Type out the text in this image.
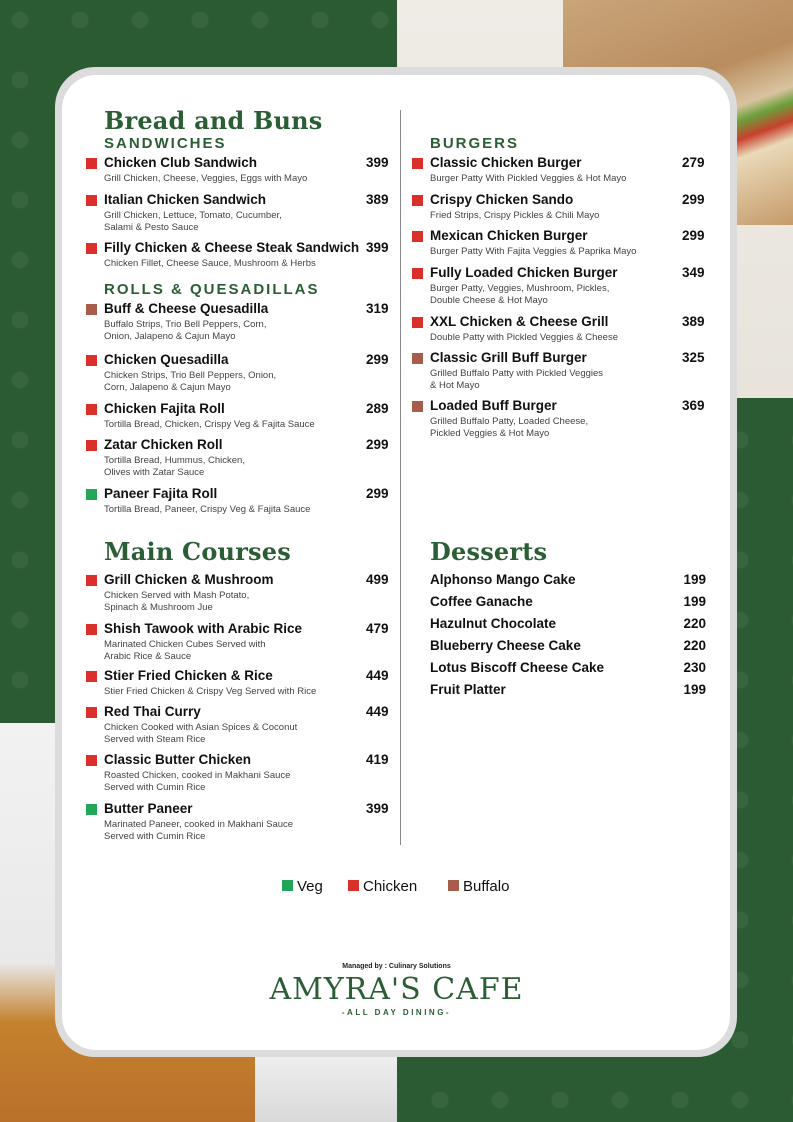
Bread and Buns
SANDWICHES
ROLLS & QUESADILLAS
BURGERS
Main Courses	Desserts
Chicken Club Sandwich	399
Grill Chicken, Cheese, Veggies, Eggs with Mayo
Italian Chicken Sandwich	389
Grill Chicken, Lettuce, Tomato, Cucumber,
Salami & Pesto Sauce
Filly Chicken & Cheese Steak Sandwich 399
Chicken Fillet, Cheese Sauce, Mushroom & Herbs
Buff & Cheese Quesadilla	319
Buffalo Strips, Trio Bell Peppers, Corn,
Onion, Jalapeno & Cajun Mayo
Chicken Quesadilla	299
Chicken Strips, Trio Bell Peppers, Onion,
Corn, Jalapeno & Cajun Mayo
Chicken Fajita Roll	289
Tortilla Bread, Chicken, Crispy Veg & Fajita Sauce
Zatar Chicken Roll	299
Tortilla Bread, Hummus, Chicken,
Olives with Zatar Sauce
Paneer Fajita Roll	299
Tortilla Bread, Paneer, Crispy Veg & Fajita Sauce
Classic Chicken Burger	279
Burger Patty With Pickled Veggies & Hot Mayo
Crispy Chicken Sando	299
Fried Strips, Crispy Pickles & Chili Mayo
Mexican Chicken Burger	299
Burger Patty With Fajita Veggies & Paprika Mayo
Fully Loaded Chicken Burger	349
Burger Patty, Veggies, Mushroom, Pickles,
Double Cheese & Hot Mayo
XXL Chicken & Cheese Grill	389
Double Patty with Pickled Veggies & Cheese
Classic Grill Buff Burger	325
Grilled Buffalo Patty with Pickled Veggies
& Hot Mayo
Loaded Buff Burger	369
Grilled Buffalo Patty, Loaded Cheese,
Pickled Veggies & Hot Mayo
Grill Chicken & Mushroom	499
Chicken Served with Mash Potato,
Spinach & Mushroom Jue
Shish Tawook with Arabic Rice	479
Marinated Chicken Cubes Served with
Arabic Rice & Sauce
Stier Fried Chicken & Rice	449
Stier Fried Chicken & Crispy Veg Served with Rice
Red Thai Curry	449
Chicken Cooked with Asian Spices & Coconut
Served with Steam Rice
Classic Butter Chicken	419
Roasted Chicken, cooked in Makhani Sauce
Served with Cumin Rice
Butter Paneer	399
Marinated Paneer, cooked in Makhani Sauce
Served with Cumin Rice
Alphonso Mango Cake	199
Coffee Ganache	199
Hazulnut Chocolate	220
Blueberry Cheese Cake	220
Lotus Biscoff Cheese Cake	230
Fruit Platter	199
Veg	Chicken	Buffalo
Managed by : Culinary Solutions
AMYRA'S CAFE
-ALL DAY DINING-
